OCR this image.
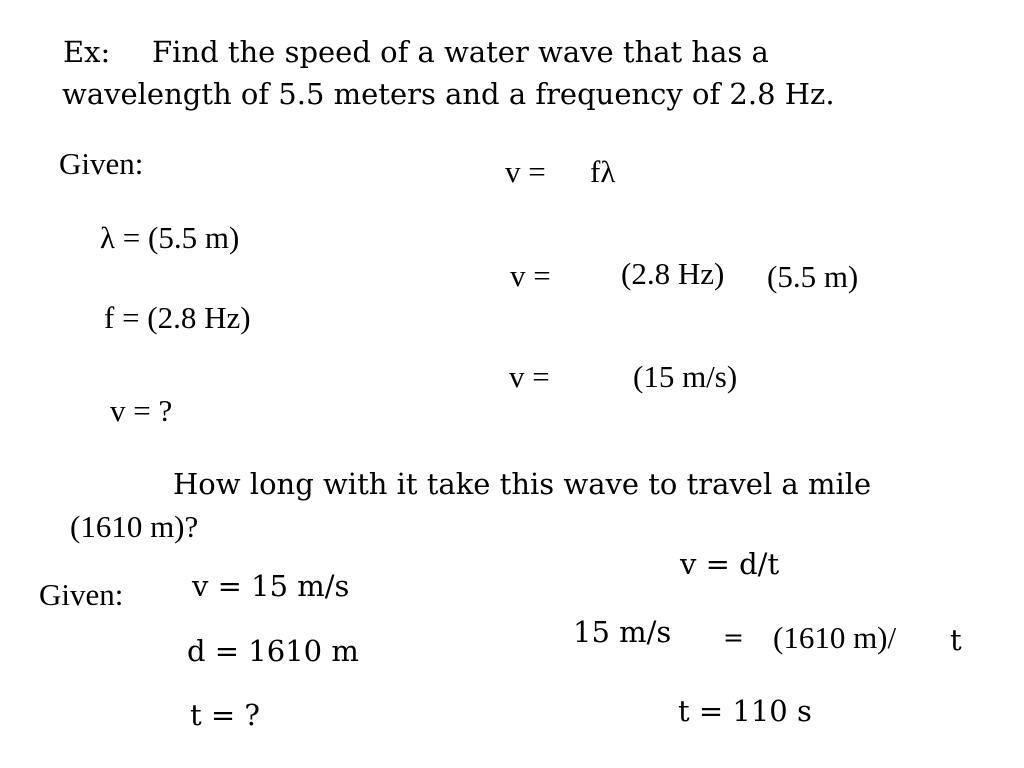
Ex: Find the speed of a water wave that has a
wavelength of 5.5 meters and a frequency of 2.8 Hz.
Given:
λ = (5.5 m)
f = (2.8 Hz)
v = ?
v = fλ
v = (2.8 Hz) (5.5 m)
v =	(15 m/s)
How long with it take this wave to travel a mile
(1610 m)?
Given: v = 15 m/s
d = 1610 m
t = ?
v = d/t
15 m/s = (1610 m)/ t
t = 110 s
